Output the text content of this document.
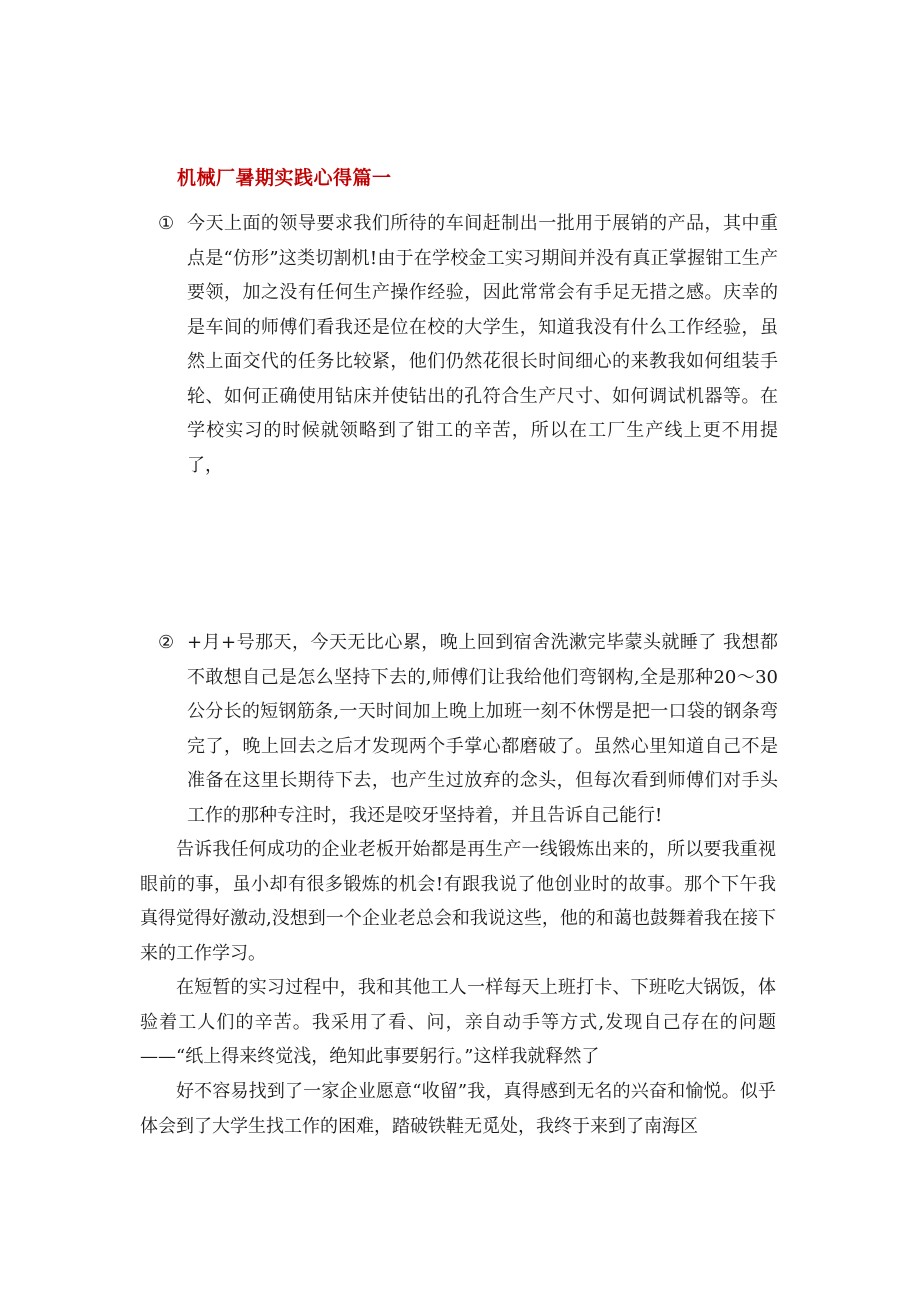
机械厂暑期实践心得篇一
① 今天上面的领导要求我们所待的车间赶制出一批用于展销的产品，其中重点是“仿形”这类切割机!由于在学校金工实习期间并没有真正掌握钳工生产要领，加之没有任何生产操作经验，因此常常会有手足无措之感。庆幸的是车间的师傅们看我还是位在校的大学生，知道我没有什么工作经验，虽然上面交代的任务比较紧，他们仍然花很长时间细心的来教我如何组装手轮、如何正确使用钻床并使钻出的孔符合生产尺寸、如何调试机器等。在学校实习的时候就领略到了钳工的辛苦，所以在工厂生产线上更不用提了，
② +月+号那天，今天无比心累，晚上回到宿舍洗漱完毕蒙头就睡了 我想都不敢想自己是怎么坚持下去的,师傅们让我给他们弯钢构,全是那种20～30公分长的短钢筋条,一天时间加上晚上加班一刻不休愣是把一口袋的钢条弯完了，晚上回去之后才发现两个手掌心都磨破了。虽然心里知道自己不是准备在这里长期待下去，也产生过放弃的念头，但每次看到师傅们对手头工作的那种专注时，我还是咬牙坚持着，并且告诉自己能行!

告诉我任何成功的企业老板开始都是再生产一线锻炼出来的，所以要我重视眼前的事，虽小却有很多锻炼的机会!有跟我说了他创业时的故事。那个下午我真得觉得好激动,没想到一个企业老总会和我说这些，他的和蔼也鼓舞着我在接下来的工作学习。

在短暂的实习过程中，我和其他工人一样每天上班打卡、下班吃大锅饭，体验着工人们的辛苦。我采用了看、问，亲自动手等方式,发现自己存在的问题——“纸上得来终觉浅，绝知此事要躬行。”这样我就释然了

好不容易找到了一家企业愿意“收留”我，真得感到无名的兴奋和愉悦。似乎体会到了大学生找工作的困难，踏破铁鞋无觅处，我终于来到了南海区
